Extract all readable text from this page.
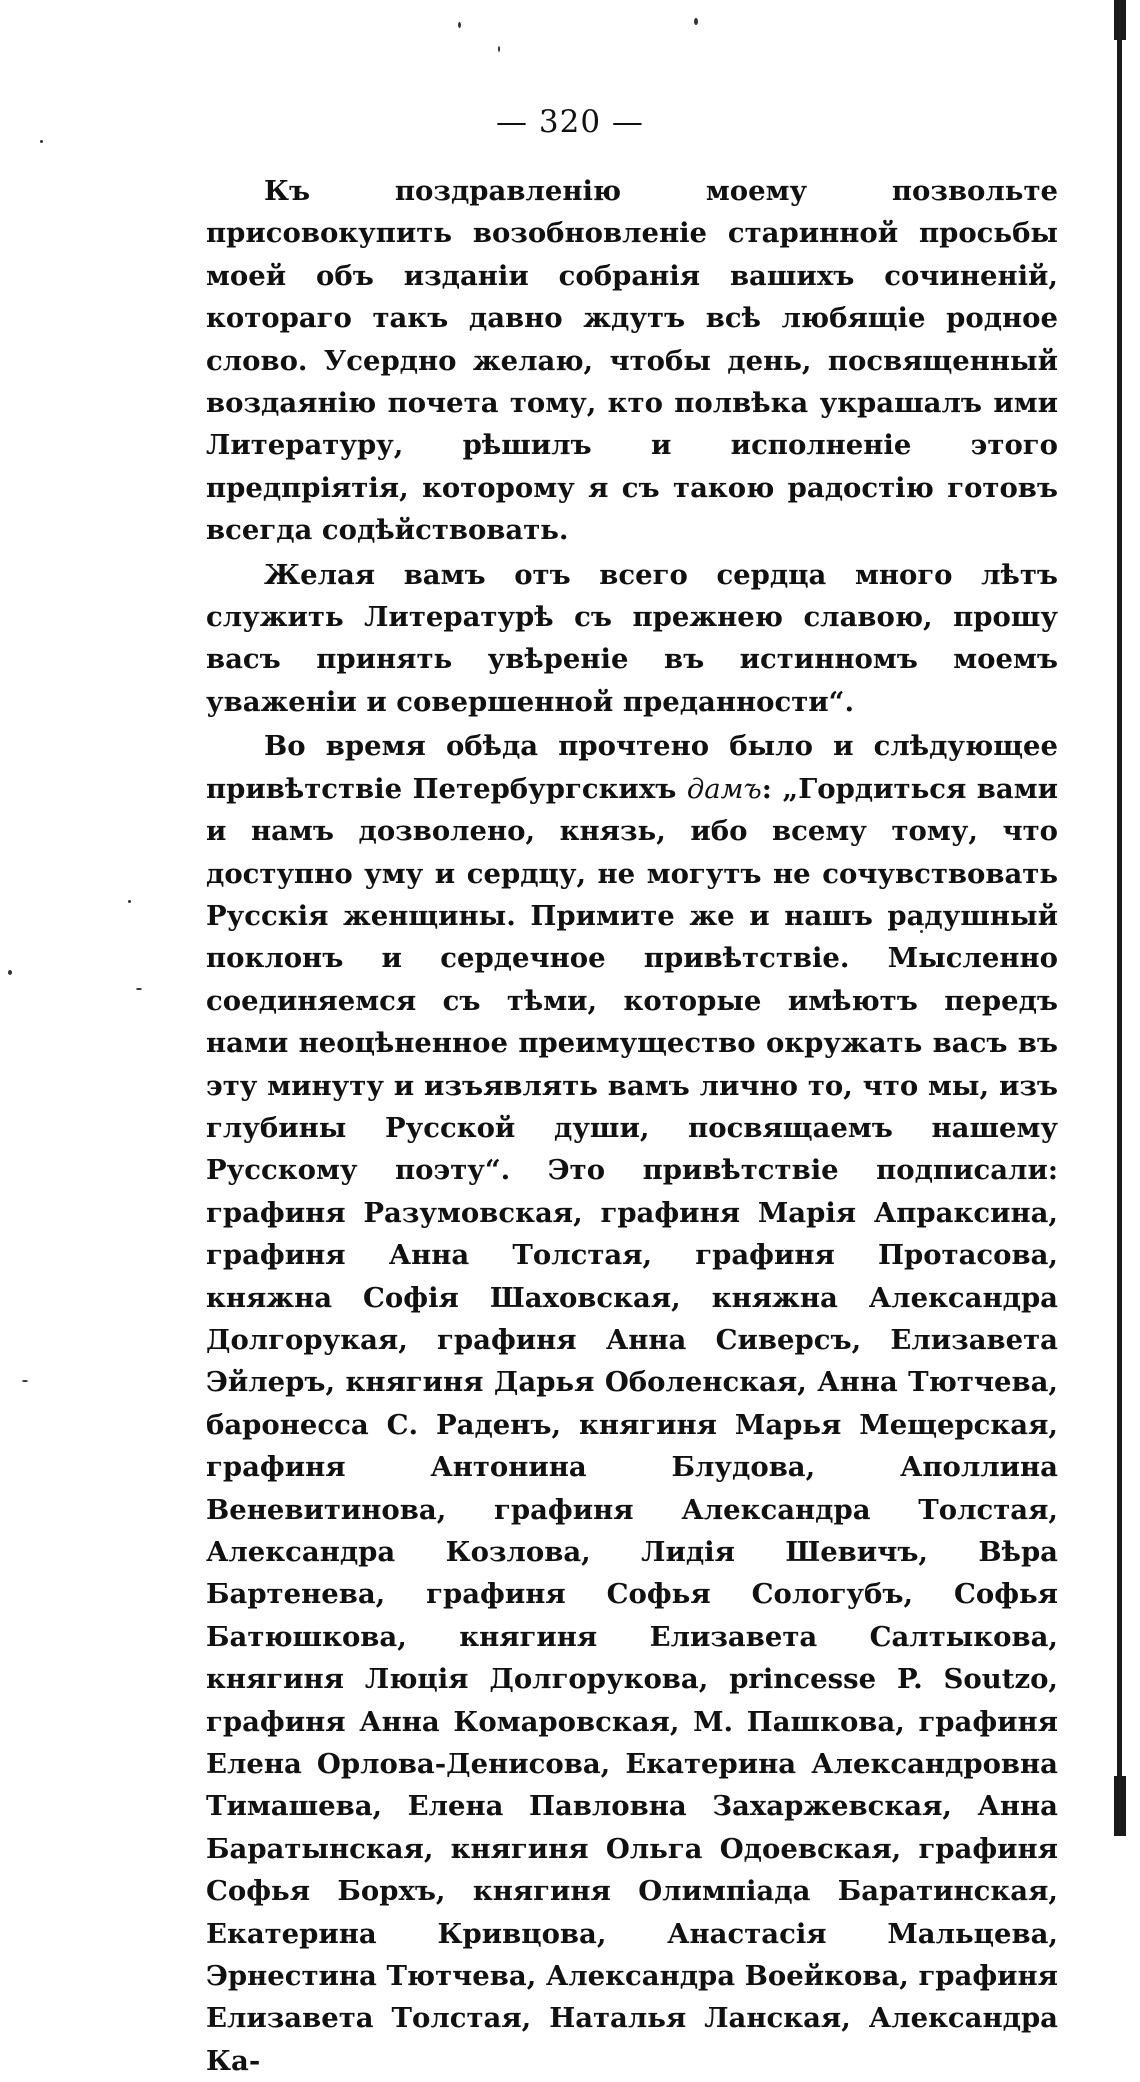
— 320 —

Къ поздравленію моему позвольте присовокупить возобновленіе старинной просьбы моей объ изданіи собранія вашихъ сочиненій, котораго такъ давно ждутъ всѣ любящіе родное слово. Усердно желаю, чтобы день, посвященный воздаянію почета тому, кто полвѣка украшалъ ими Литературу, рѣшилъ и исполненіе этого предпріятія, которому я съ такою радостію готовъ всегда содѣйствовать.

Желая вамъ отъ всего сердца много лѣтъ служить Литературѣ съ прежнею славою, прошу васъ принять увѣреніе въ истинномъ моемъ уваженіи и совершенной преданности“.

Во время обѣда прочтено было и слѣдующее привѣтствіе Петербургскихъ дамъ: „Гордиться вами и намъ дозволено, князь, ибо всему тому, что доступно уму и сердцу, не могутъ не сочувствовать Русскія женщины. Примите же и нашъ радушный поклонъ и сердечное привѣтствіе. Мысленно соединяемся съ тѣми, которые имѣютъ передъ нами неоцѣненное преимущество окружать васъ въ эту минуту и изъявлять вамъ лично то, что мы, изъ глубины Русской души, посвящаемъ нашему Русскому поэту“. Это привѣтствіе подписали: графиня Разумовская, графиня Марія Апраксина, графиня Анна Толстая, графиня Протасова, княжна Софія Шаховская, княжна Александра Долгорукая, графиня Анна Сиверсъ, Елизавета Эйлеръ, княгиня Дарья Оболенская, Анна Тютчева, баронесса С. Раденъ, княгиня Марья Мещерская, графиня Антонина Блудова, Аполлина Веневитинова, графиня Александра Толстая, Александра Козлова, Лидія Шевичъ, Вѣра Бартенева, графиня Софья Сологубъ, Софья Батюшкова, княгиня Елизавета Салтыкова, княгиня Люція Долгорукова, princesse P. Soutzo, графиня Анна Комаровская, М. Пашкова, графиня Елена Орлова-Денисова, Екатерина Александровна Тимашева, Елена Павловна Захаржевская, Анна Баратынская, княгиня Ольга Одоевская, графиня Софья Борхъ, княгиня Олимпіада Баратинская, Екатерина Кривцова, Анастасія Мальцева, Эрнестина Тютчева, Александра Воейкова, графиня Елизавета Толстая, Наталья Ланская, Александра Ка-
